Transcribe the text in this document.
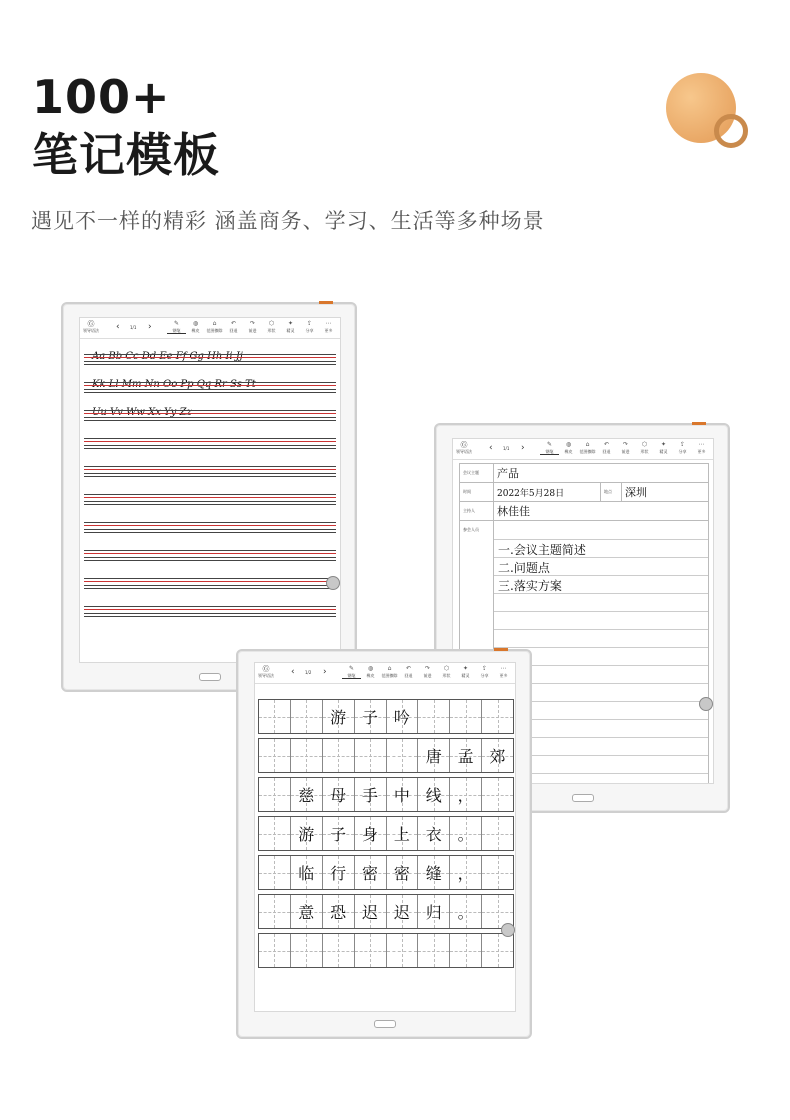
100+
笔记模板
遇见不一样的精彩 涵盖商务、学习、生活等多种场景
Ⓖ
领导语法 ‹	1/1 ›	✎
钢笔
◍
橡皮
⌂
范围擦除
↶
回退
↷
前进
⬡
形状
✦
精灵
⇪
分享
⋯
更多
Ⓖ
领导语法 ‹	1/1 ›	✎
钢笔
◍
橡皮
⌂
范围擦除
↶
回退
↷
前进
⬡
形状
✦
精灵
⇪
分享
⋯
更多
会议主题	产品
时间	2022年5月28日	地点	深圳
主持人	林佳佳
参会人员
一.会议主题简述
二.问题点
三.落实方案
Ⓖ
领导语法 ‹	1/2 ›	✎
钢笔
◍
橡皮
⌂
范围擦除
↶
回退
↷
前进
⬡
形状
✦
精灵
⇪
分享
⋯
更多
游 子 吟
唐 孟 郊
慈 母 手 中 线 ，
游 子 身 上 衣 。
临 行 密 密 缝 ，
意 恐 迟 迟 归 。
